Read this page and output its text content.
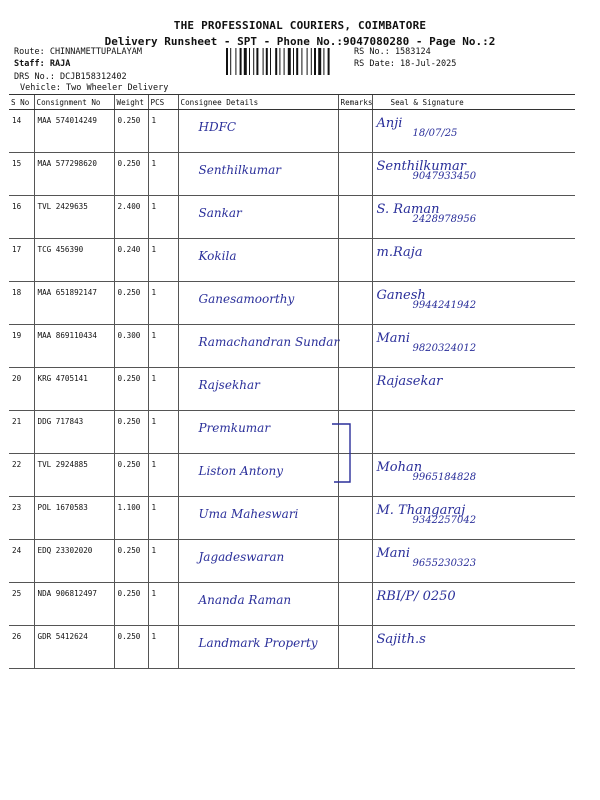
THE PROFESSIONAL COURIERS, COIMBATORE
Delivery Runsheet - SPT - Phone No.:9047080280 - Page No.:2
Route: CHINNAMETTUPALAYAM
Staff: RAJA
DRS No.: DCJB158312402
Vehicle: Two Wheeler Delivery
RS No.: 1583124
RS Date: 18-Jul-2025
S No	Consignment No	Weight	PCS	Consignee Details	Remarks	Seal & Signature
14	MAA 574014249	0.250	1	HDFC		Anji
18/07/25

15	MAA 577298620	0.250	1	Senthilkumar		Senthilkumar
9047933450

16	TVL 2429635	2.400	1	Sankar		S. Raman
2428978956

17	TCG 456390	0.240	1	Kokila		m.Raja

18	MAA 651892147	0.250	1	Ganesamoorthy		Ganesh
9944241942

19	MAA 869110434	0.300	1	Ramachandran Sundar		Mani
9820324012

20	KRG 4705141	0.250	1	Rajsekhar		Rajasekar

21	DDG 717843	0.250	1	Premkumar		

22	TVL 2924885	0.250	1	Liston Antony		Mohan
9965184828

23	POL 1670583	1.100	1	Uma Maheswari		M. Thangaraj
9342257042

24	EDQ 23302020	0.250	1	Jagadeswaran		Mani
9655230323

25	NDA 906812497	0.250	1	Ananda Raman		RBI/P/ 0250

26	GDR 5412624	0.250	1	Landmark Property		Sajith.s
